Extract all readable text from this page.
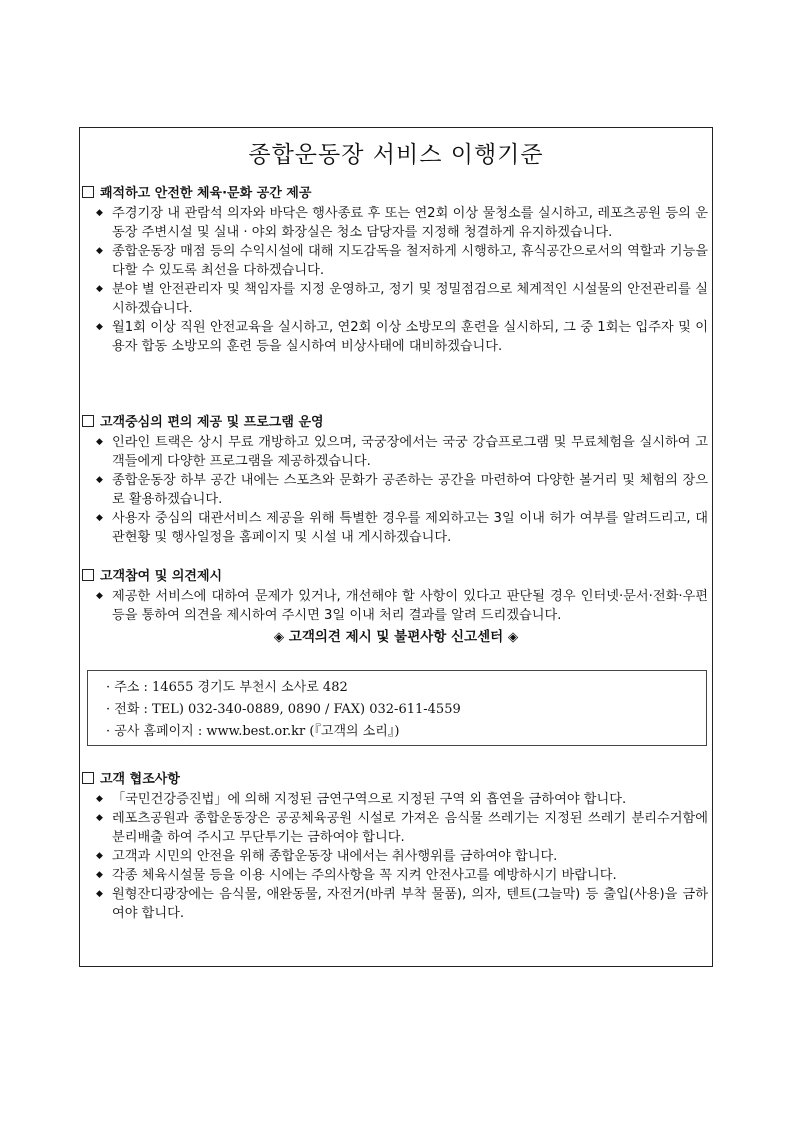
종합운동장 서비스 이행기준
쾌적하고 안전한 체육·문화 공간 제공
◆ 주경기장 내 관람석 의자와 바닥은 행사종료 후 또는 연2회 이상 물청소를 실시하고, 레포츠공원 등의 운동장 주변시설 및 실내 · 야외 화장실은 청소 담당자를 지정해 청결하게 유지하겠습니다.
◆ 종합운동장 매점 등의 수익시설에 대해 지도감독을 철저하게 시행하고, 휴식공간으로서의 역할과 기능을 다할 수 있도록 최선을 다하겠습니다.
◆ 분야 별 안전관리자 및 책임자를 지정 운영하고, 정기 및 정밀점검으로 체계적인 시설물의 안전관리를 실시하겠습니다.
◆ 월1회 이상 직원 안전교육을 실시하고, 연2회 이상 소방모의 훈련을 실시하되, 그 중 1회는 입주자 및 이용자 합동 소방모의 훈련 등을 실시하여 비상사태에 대비하겠습니다.
고객중심의 편의 제공 및 프로그램 운영
◆ 인라인 트랙은 상시 무료 개방하고 있으며, 국궁장에서는 국궁 강습프로그램 및 무료체험을 실시하여 고객들에게 다양한 프로그램을 제공하겠습니다.
◆ 종합운동장 하부 공간 내에는 스포츠와 문화가 공존하는 공간을 마련하여 다양한 볼거리 및 체험의 장으로 활용하겠습니다.
◆ 사용자 중심의 대관서비스 제공을 위해 특별한 경우를 제외하고는 3일 이내 허가 여부를 알려드리고, 대관현황 및 행사일정을 홈페이지 및 시설 내 게시하겠습니다.
고객참여 및 의견제시
◆ 제공한 서비스에 대하여 문제가 있거나, 개선해야 할 사항이 있다고 판단될 경우 인터넷·문서·전화·우편 등을 통하여 의견을 제시하여 주시면 3일 이내 처리 결과를 알려 드리겠습니다.
◈ 고객의견 제시 및 불편사항 신고센터 ◈
· 주소 : 14655 경기도 부천시 소사로 482
· 전화 : TEL) 032-340-0889, 0890 / FAX) 032-611-4559
· 공사 홈페이지 : www.best.or.kr (『고객의 소리』)
고객 협조사항
◆ 「국민건강증진법」에 의해 지정된 금연구역으로 지정된 구역 외 흡연을 금하여야 합니다.
◆ 레포츠공원과 종합운동장은 공공체육공원 시설로 가져온 음식물 쓰레기는 지정된 쓰레기 분리수거함에 분리배출 하여 주시고 무단투기는 금하여야 합니다.
◆ 고객과 시민의 안전을 위해 종합운동장 내에서는 취사행위를 금하여야 합니다.
◆ 각종 체육시설물 등을 이용 시에는 주의사항을 꼭 지켜 안전사고를 예방하시기 바랍니다.
◆ 원형잔디광장에는 음식물, 애완동물, 자전거(바퀴 부착 물품), 의자, 텐트(그늘막) 등 출입(사용)을 금하여야 합니다.
